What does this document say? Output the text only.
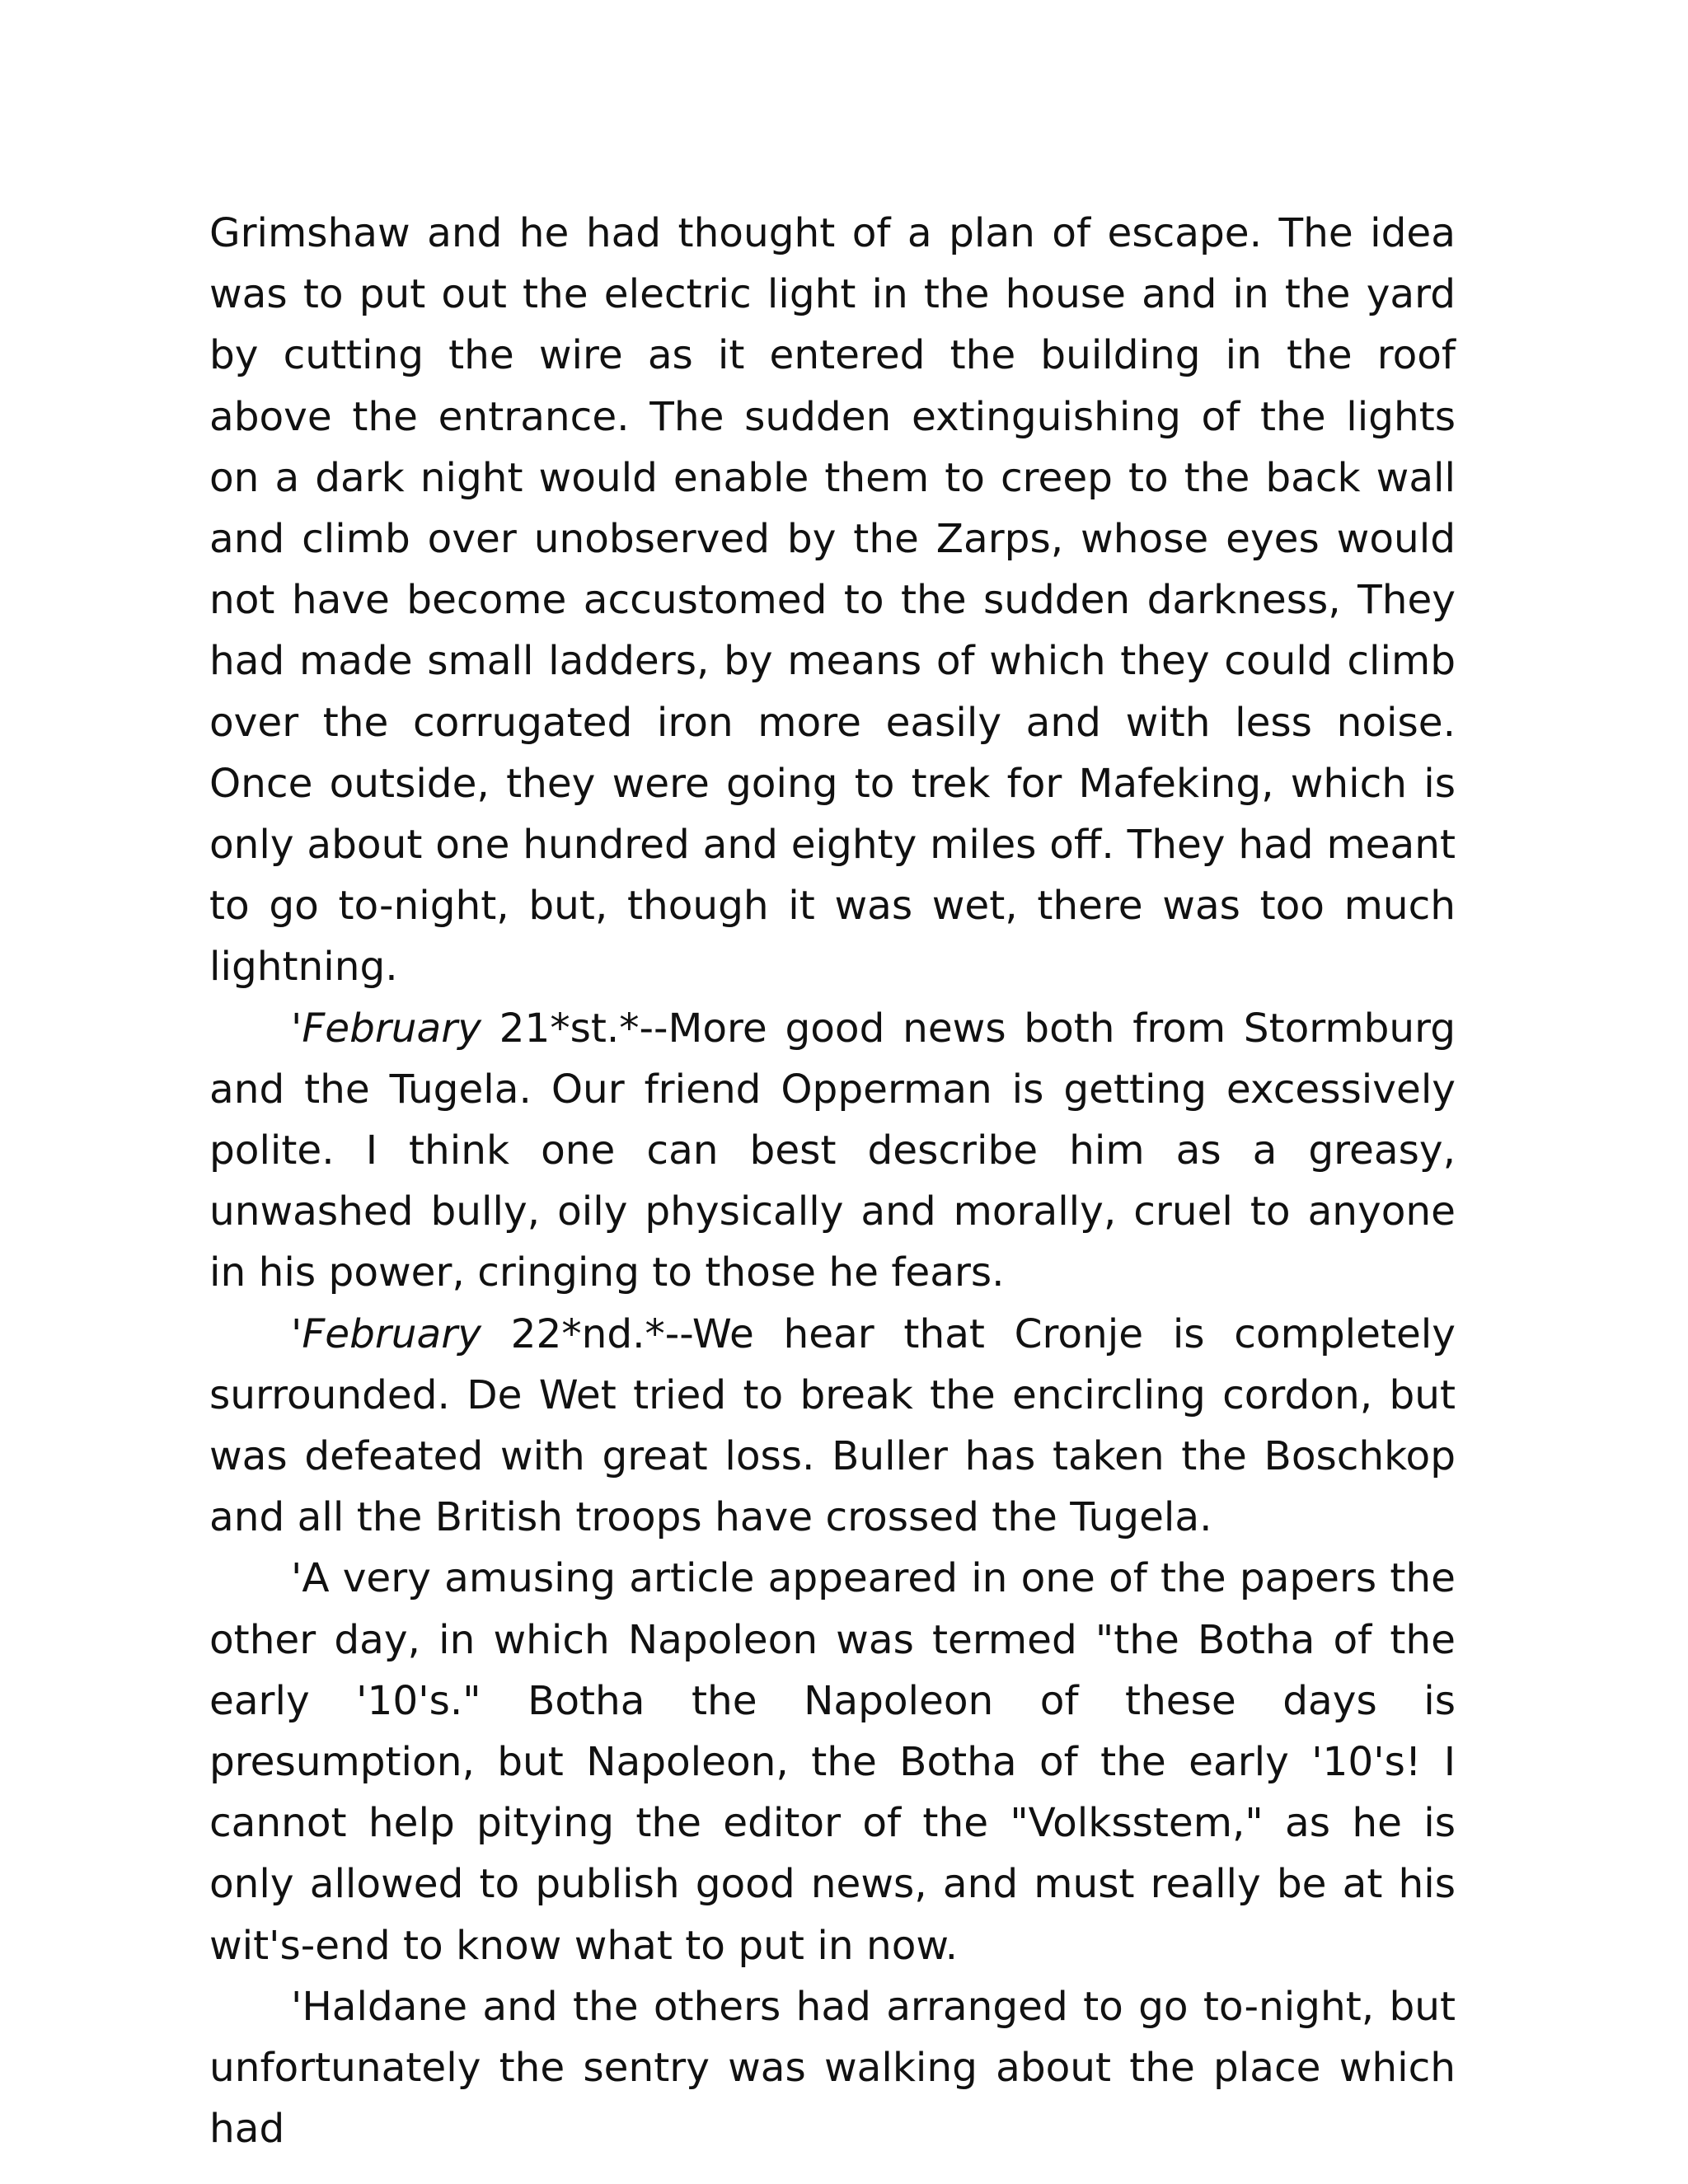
Grimshaw and he had thought of a plan of escape. The idea was to put out the electric light in the house and in the yard by cutting the wire as it entered the building in the roof above the entrance. The sudden extinguishing of the lights on a dark night would enable them to creep to the back wall and climb over unobserved by the Zarps, whose eyes would not have become accustomed to the sudden darkness, They had made small ladders, by means of which they could climb over the corrugated iron more easily and with less noise. Once outside, they were going to trek for Mafeking, which is only about one hundred and eighty miles off. They had meant to go to-night, but, though it was wet, there was too much lightning.

'February 21*st.*--More good news both from Stormburg and the Tugela. Our friend Opperman is getting excessively polite. I think one can best describe him as a greasy, unwashed bully, oily physically and morally, cruel to anyone in his power, cringing to those he fears.

'February 22*nd.*--We hear that Cronje is completely surrounded. De Wet tried to break the encircling cordon, but was defeated with great loss. Buller has taken the Boschkop and all the British troops have crossed the Tugela.

'A very amusing article appeared in one of the papers the other day, in which Napoleon was termed "the Botha of the early '10's." Botha the Napoleon of these days is presumption, but Napoleon, the Botha of the early '10's! I cannot help pitying the editor of the "Volksstem," as he is only allowed to publish good news, and must really be at his wit's-end to know what to put in now.

'Haldane and the others had arranged to go to-night, but unfortunately the sentry was walking about the place which had
